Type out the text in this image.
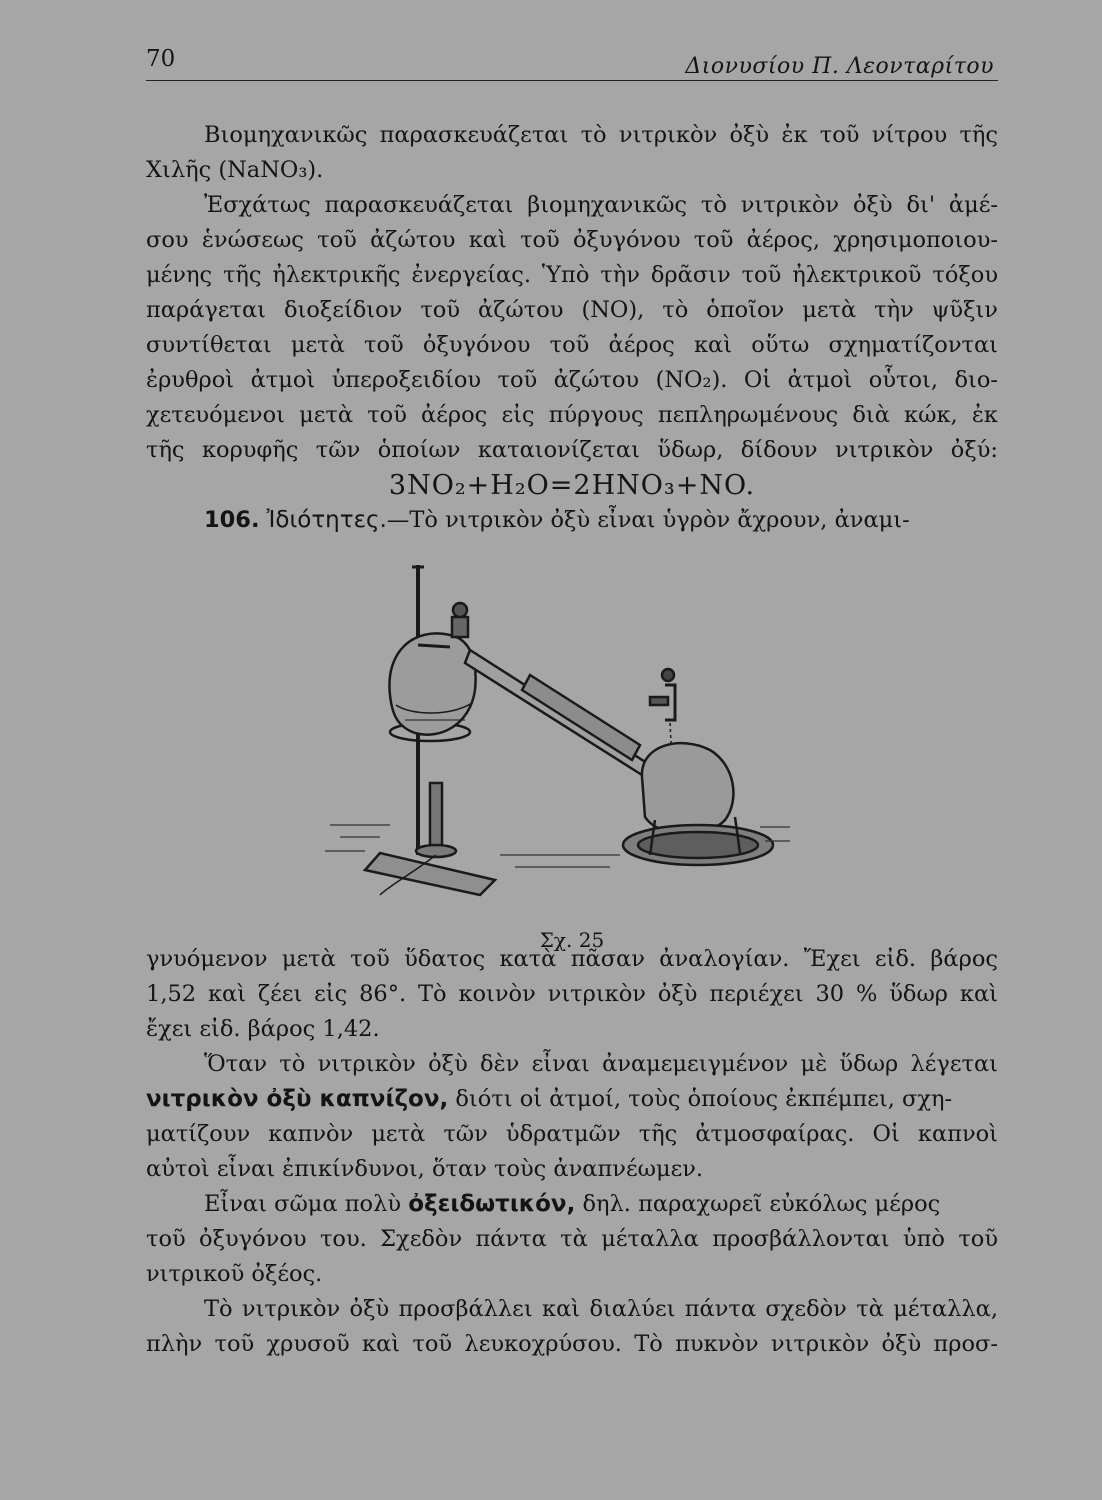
70	Διονυσίου Π. Λεονταρίτου
Βιομηχανικῶς παρασκευάζεται τὸ νιτρικὸν ὀξὺ ἐκ τοῦ νίτρου τῆς
Χιλῆς (NaNO₃).
Ἐσχάτως παρασκευάζεται βιομηχανικῶς τὸ νιτρικὸν ὀξὺ δι' ἀμέ-
σου ἑνώσεως τοῦ ἀζώτου καὶ τοῦ ὀξυγόνου τοῦ ἀέρος, χρησιμοποιου-
μένης τῆς ἠλεκτρικῆς ἐνεργείας. Ὑπὸ τὴν δρᾶσιν τοῦ ἠλεκτρικοῦ τόξου
παράγεται διοξείδιον τοῦ ἀζώτου (NO), τὸ ὁποῖον μετὰ τὴν ψῦξιν
συντίθεται μετὰ τοῦ ὀξυγόνου τοῦ ἀέρος καὶ οὕτω σχηματίζονται
ἐρυθροὶ ἀτμοὶ ὑπεροξειδίου τοῦ ἀζώτου (NO₂). Οἱ ἀτμοὶ οὗτοι, διο-
χετευόμενοι μετὰ τοῦ ἀέρος εἰς πύργους πεπληρωμένους διὰ κώκ, ἐκ
τῆς κορυφῆς τῶν ὁποίων καταιονίζεται ὕδωρ, δίδουν νιτρικὸν ὀξύ:
3NO₂+H₂O=2HNO₃+NO.
106. Ἰδιότητες.—Τὸ νιτρικὸν ὀξὺ εἶναι ὑγρὸν ἄχρουν, ἀναμι-
Σχ. 25
γνυόμενον μετὰ τοῦ ὕδατος κατὰ πᾶσαν ἀναλογίαν. Ἔχει εἰδ. βάρος
1,52 καὶ ζέει εἰς 86°. Τὸ κοινὸν νιτρικὸν ὀξὺ περιέχει 30 % ὕδωρ καὶ
ἔχει εἰδ. βάρος 1,42.
Ὅταν τὸ νιτρικὸν ὀξὺ δὲν εἶναι ἀναμεμειγμένον μὲ ὕδωρ λέγεται
νιτρικὸν ὀξὺ καπνίζον, διότι οἱ ἀτμοί, τοὺς ὁποίους ἐκπέμπει, σχη-
ματίζουν καπνὸν μετὰ τῶν ὑδρατμῶν τῆς ἀτμοσφαίρας. Οἱ καπνοὶ
αὐτοὶ εἶναι ἐπικίνδυνοι, ὅταν τοὺς ἀναπνέωμεν.
Εἶναι σῶμα πολὺ ὀξειδωτικόν, δηλ. παραχωρεῖ εὐκόλως μέρος
τοῦ ὀξυγόνου του. Σχεδὸν πάντα τὰ μέταλλα προσβάλλονται ὑπὸ τοῦ
νιτρικοῦ ὀξέος.
Τὸ νιτρικὸν ὀξὺ προσβάλλει καὶ διαλύει πάντα σχεδὸν τὰ μέταλλα,
πλὴν τοῦ χρυσοῦ καὶ τοῦ λευκοχρύσου. Τὸ πυκνὸν νιτρικὸν ὀξὺ προσ-
